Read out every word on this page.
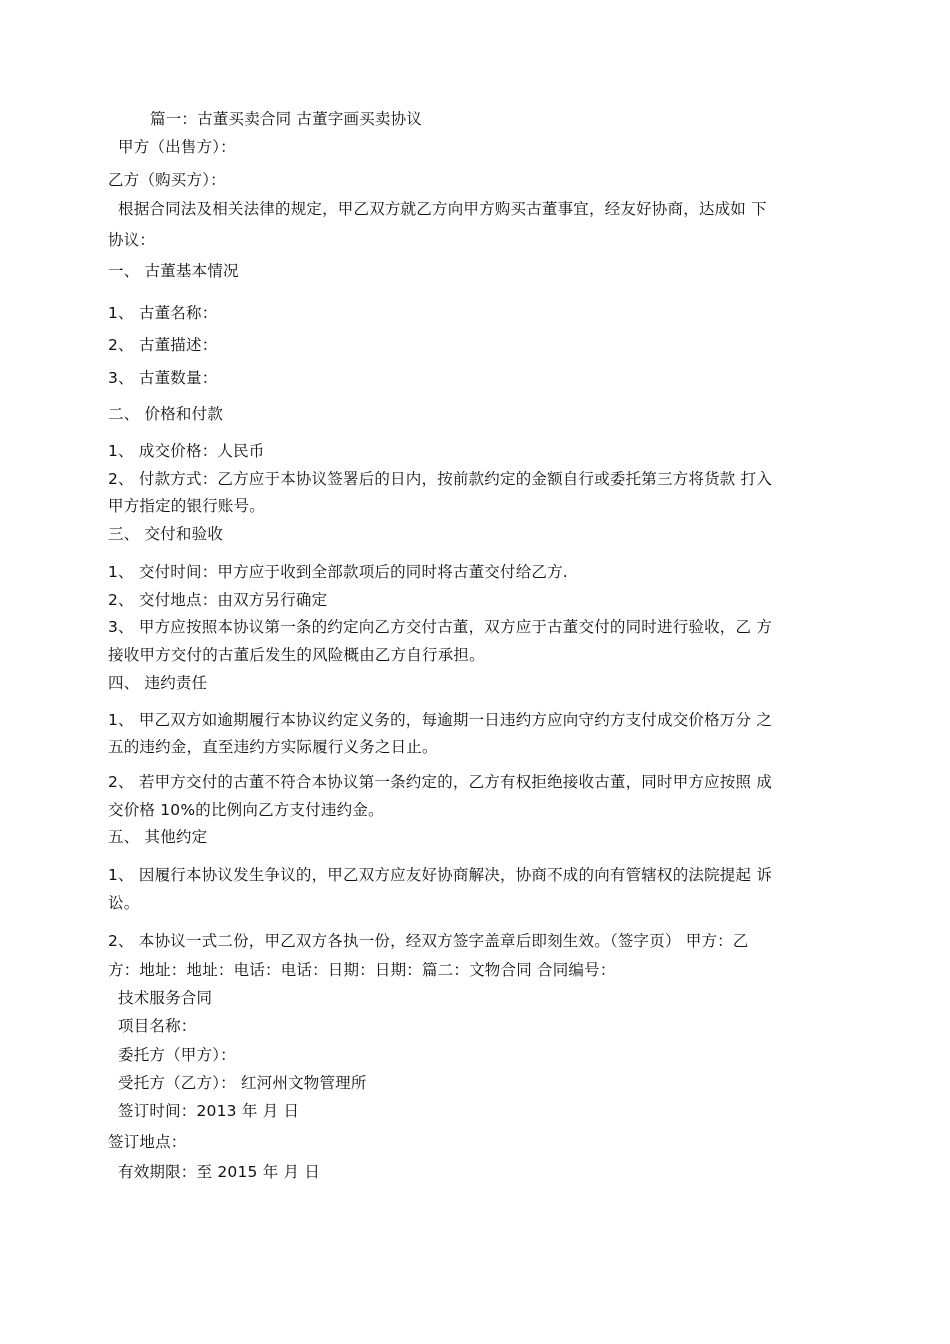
篇一：古董买卖合同 古董字画买卖协议
甲方（出售方）：
乙方（购买方）：
根据合同法及相关法律的规定，甲乙双方就乙方向甲方购买古董事宜，经友好协商，达成如 下
协议：
一、 古董基本情况
1、 古董名称：
2、 古董描述：
3、 古董数量：
二、 价格和付款
1、 成交价格：人民币
2、 付款方式：乙方应于本协议签署后的日内，按前款约定的金额自行或委托第三方将货款 打入
甲方指定的银行账号。
三、 交付和验收
1、 交付时间：甲方应于收到全部款项后的同时将古董交付给乙方.
2、 交付地点：由双方另行确定
3、 甲方应按照本协议第一条的约定向乙方交付古董，双方应于古董交付的同时进行验收，乙 方
接收甲方交付的古董后发生的风险概由乙方自行承担。
四、 违约责任
1、 甲乙双方如逾期履行本协议约定义务的，每逾期一日违约方应向守约方支付成交价格万分 之
五的违约金，直至违约方实际履行义务之日止。
2、 若甲方交付的古董不符合本协议第一条约定的，乙方有权拒绝接收古董，同时甲方应按照 成
交价格 10%的比例向乙方支付违约金。
五、 其他约定
1、 因履行本协议发生争议的，甲乙双方应友好协商解决，协商不成的向有管辖权的法院提起 诉
讼。
2、 本协议一式二份，甲乙双方各执一份，经双方签字盖章后即刻生效。（签字页） 甲方：乙
方：地址：地址：电话：电话：日期：日期：篇二：文物合同 合同编号：
技术服务合同
项目名称：
委托方（甲方）：
受托方（乙方）： 红河州文物管理所
签订时间：2013 年 月 日
签订地点：
有效期限：至 2015 年 月 日
